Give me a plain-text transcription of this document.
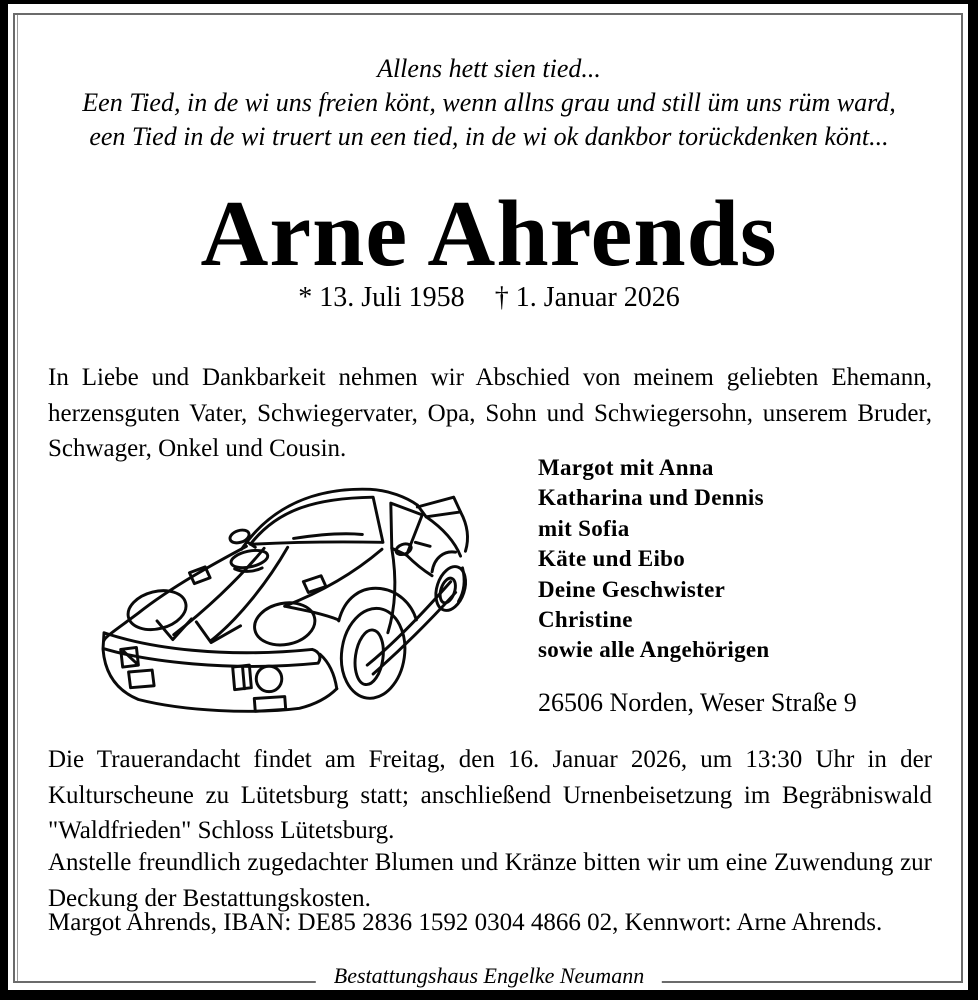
Allens hett sien tied...
Een Tied, in de wi uns freien könt, wenn allns grau und still üm uns rüm ward,
een Tied in de wi truert un een tied, in de wi ok dankbor torückdenken könt...
Arne Ahrends
* 13. Juli 1958 † 1. Januar 2026
In Liebe und Dankbarkeit nehmen wir Abschied von meinem geliebten Ehemann, herzensguten Vater, Schwiegervater, Opa, Sohn und Schwiegersohn, unserem Bruder, Schwager, Onkel und Cousin.
Margot mit Anna
Katharina und Dennis
mit Sofia
Käte und Eibo
Deine Geschwister
Christine
sowie alle Angehörigen
26506 Norden, Weser Straße 9
Die Trauerandacht findet am Freitag, den 16. Januar 2026, um 13:30 Uhr in der Kulturscheune zu Lütetsburg statt; anschließend Urnenbeisetzung im Begräbniswald "Waldfrieden" Schloss Lütetsburg.
Anstelle freundlich zugedachter Blumen und Kränze bitten wir um eine Zuwendung zur Deckung der Bestattungskosten.
Margot Ahrends, IBAN: DE85 2836 1592 0304 4866 02, Kennwort: Arne Ahrends.
Bestattungshaus Engelke Neumann
